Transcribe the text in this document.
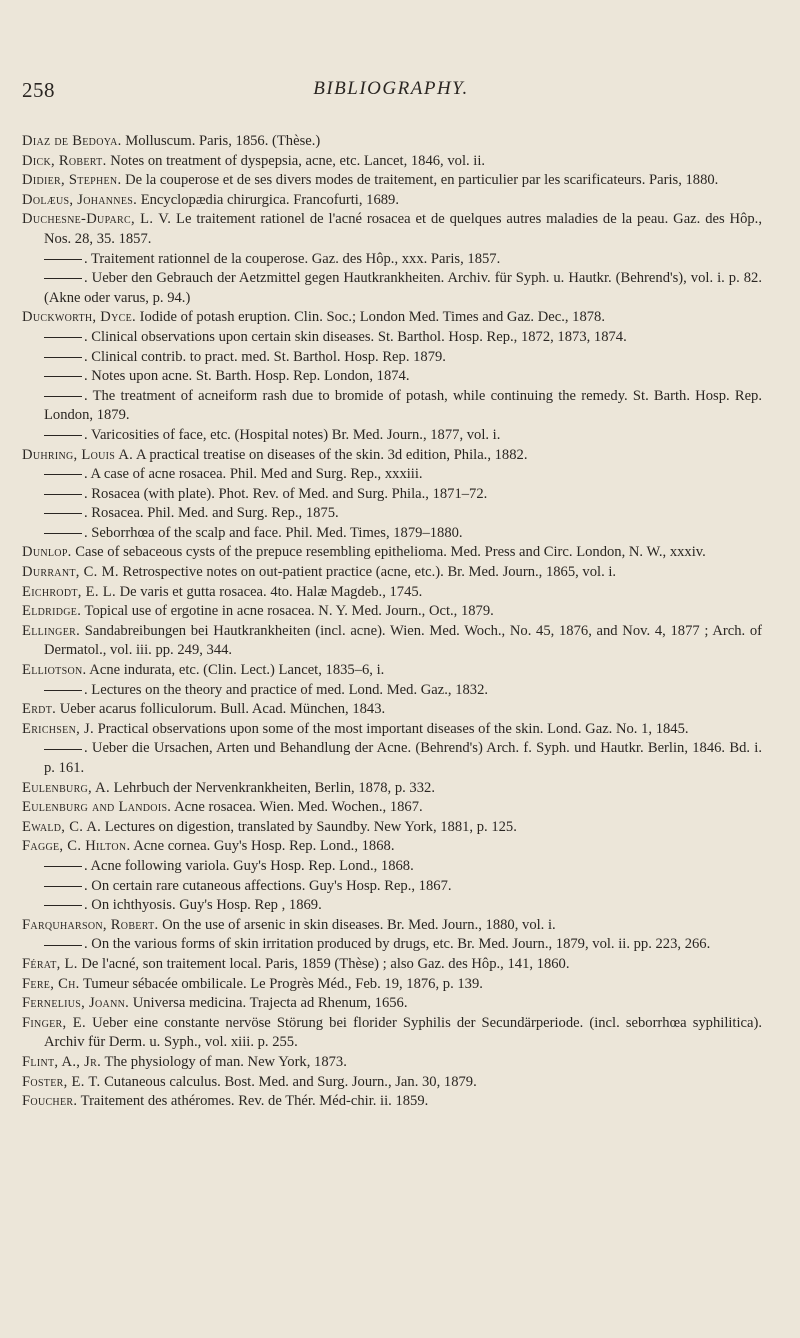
258	BIBLIOGRAPHY.

Diaz de Bedoya. Molluscum. Paris, 1856. (Thèse.)

Dick, Robert. Notes on treatment of dyspepsia, acne, etc. Lancet, 1846, vol. ii.

Didier, Stephen. De la couperose et de ses divers modes de traitement, en particulier par les scarificateurs. Paris, 1880.

Dolæus, Johannes. Encyclopædia chirurgica. Francofurti, 1689.

Duchesne-Duparc, L. V. Le traitement rationel de l'acné rosacea et de quelques autres maladies de la peau. Gaz. des Hôp., Nos. 28, 35. 1857.

. Traitement rationnel de la couperose. Gaz. des Hôp., xxx. Paris, 1857.

. Ueber den Gebrauch der Aetzmittel gegen Hautkrankheiten. Archiv. für Syph. u. Hautkr. (Behrend's), vol. i. p. 82. (Akne oder varus, p. 94.)

Duckworth, Dyce. Iodide of potash eruption. Clin. Soc.; London Med. Times and Gaz. Dec., 1878.

. Clinical observations upon certain skin diseases. St. Barthol. Hosp. Rep., 1872, 1873, 1874.

. Clinical contrib. to pract. med. St. Barthol. Hosp. Rep. 1879.

. Notes upon acne. St. Barth. Hosp. Rep. London, 1874.

. The treatment of acneiform rash due to bromide of potash, while continuing the remedy. St. Barth. Hosp. Rep. London, 1879.

. Varicosities of face, etc. (Hospital notes) Br. Med. Journ., 1877, vol. i.

Duhring, Louis A. A practical treatise on diseases of the skin. 3d edition, Phila., 1882.

. A case of acne rosacea. Phil. Med and Surg. Rep., xxxiii.

. Rosacea (with plate). Phot. Rev. of Med. and Surg. Phila., 1871–72.

. Rosacea. Phil. Med. and Surg. Rep., 1875.

. Seborrhœa of the scalp and face. Phil. Med. Times, 1879–1880.

Dunlop. Case of sebaceous cysts of the prepuce resembling epithelioma. Med. Press and Circ. London, N. W., xxxiv.

Durrant, C. M. Retrospective notes on out-patient practice (acne, etc.). Br. Med. Journ., 1865, vol. i.

Eichrodt, E. L. De varis et gutta rosacea. 4to. Halæ Magdeb., 1745.

Eldridge. Topical use of ergotine in acne rosacea. N. Y. Med. Journ., Oct., 1879.

Ellinger. Sandabreibungen bei Hautkrankheiten (incl. acne). Wien. Med. Woch., No. 45, 1876, and Nov. 4, 1877 ; Arch. of Dermatol., vol. iii. pp. 249, 344.

Elliotson. Acne indurata, etc. (Clin. Lect.) Lancet, 1835–6, i.

. Lectures on the theory and practice of med. Lond. Med. Gaz., 1832.

Erdt. Ueber acarus folliculorum. Bull. Acad. München, 1843.

Erichsen, J. Practical observations upon some of the most important diseases of the skin. Lond. Gaz. No. 1, 1845.

. Ueber die Ursachen, Arten und Behandlung der Acne. (Behrend's) Arch. f. Syph. und Hautkr. Berlin, 1846. Bd. i. p. 161.

Eulenburg, A. Lehrbuch der Nervenkrankheiten, Berlin, 1878, p. 332.

Eulenburg and Landois. Acne rosacea. Wien. Med. Wochen., 1867.

Ewald, C. A. Lectures on digestion, translated by Saundby. New York, 1881, p. 125.

Fagge, C. Hilton. Acne cornea. Guy's Hosp. Rep. Lond., 1868.

. Acne following variola. Guy's Hosp. Rep. Lond., 1868.

. On certain rare cutaneous affections. Guy's Hosp. Rep., 1867.

. On ichthyosis. Guy's Hosp. Rep , 1869.

Farquharson, Robert. On the use of arsenic in skin diseases. Br. Med. Journ., 1880, vol. i.

. On the various forms of skin irritation produced by drugs, etc. Br. Med. Journ., 1879, vol. ii. pp. 223, 266.

Férat, L. De l'acné, son traitement local. Paris, 1859 (Thèse) ; also Gaz. des Hôp., 141, 1860.

Fere, Ch. Tumeur sébacée ombilicale. Le Progrès Méd., Feb. 19, 1876, p. 139.

Fernelius, Joann. Universa medicina. Trajecta ad Rhenum, 1656.

Finger, E. Ueber eine constante nervöse Störung bei florider Syphilis der Secundärperiode. (incl. seborrhœa syphilitica). Archiv für Derm. u. Syph., vol. xiii. p. 255.

Flint, A., Jr. The physiology of man. New York, 1873.

Foster, E. T. Cutaneous calculus. Bost. Med. and Surg. Journ., Jan. 30, 1879.

Foucher. Traitement des athéromes. Rev. de Thér. Méd-chir. ii. 1859.
